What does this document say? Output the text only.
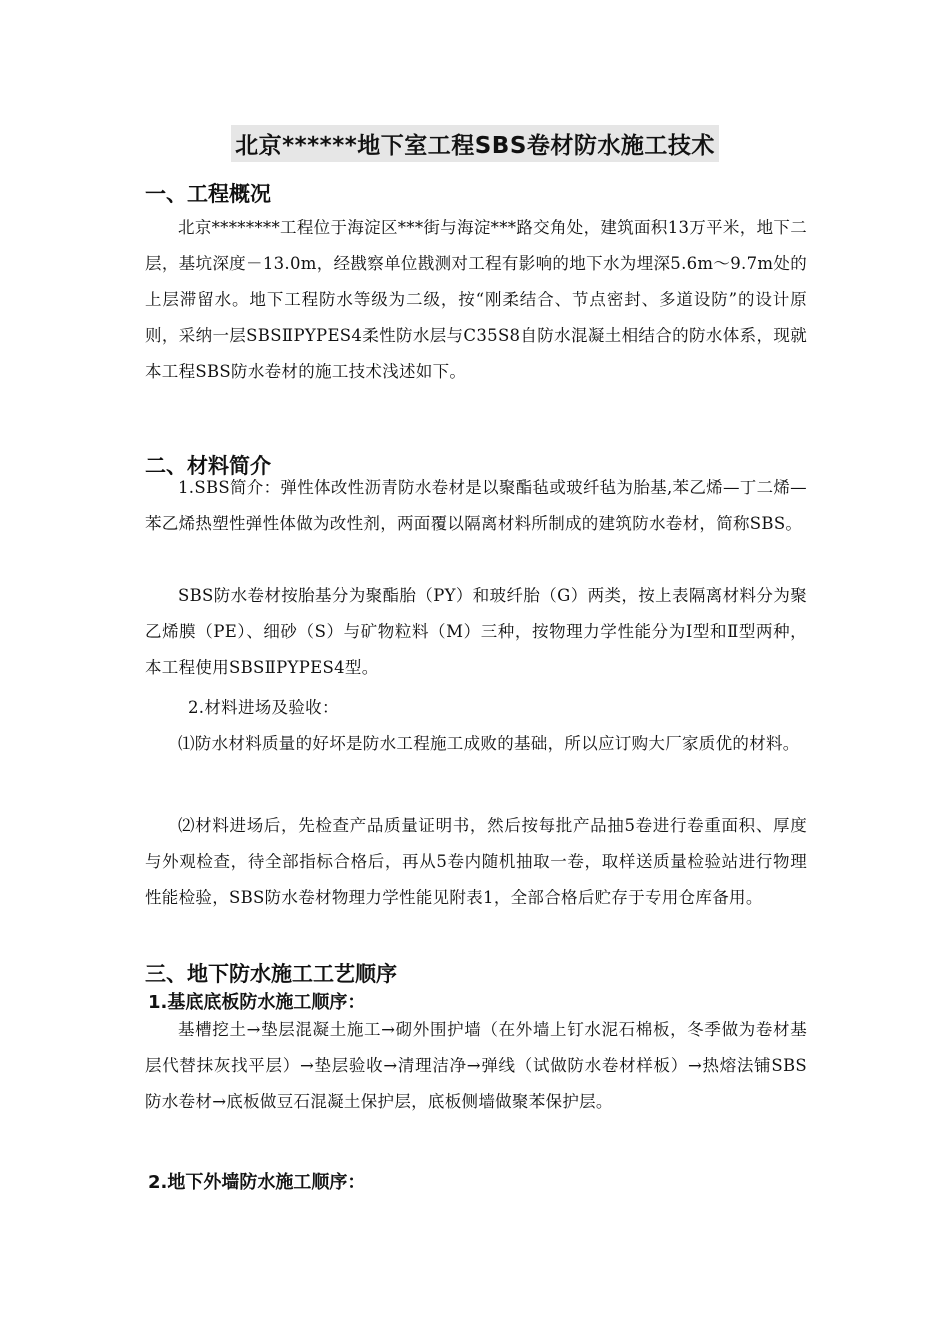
北京******地下室工程SBS卷材防水施工技术
一、工程概况
北京********工程位于海淀区***街与海淀***路交角处，建筑面积13万平米，地下二层，基坑深度－13.0m，经戡察单位戡测对工程有影响的地下水为埋深5.6m～9.7m处的上层滞留水。地下工程防水等级为二级，按“刚柔结合、节点密封、多道设防”的设计原则，采纳一层SBSⅡPYPES4柔性防水层与C35S8自防水混凝土相结合的防水体系，现就本工程SBS防水卷材的施工技术浅述如下。
二、材料简介
1.SBS简介：弹性体改性沥青防水卷材是以聚酯毡或玻纤毡为胎基,苯乙烯—丁二烯—苯乙烯热塑性弹性体做为改性剂，两面覆以隔离材料所制成的建筑防水卷材，简称SBS。
SBS防水卷材按胎基分为聚酯胎（PY）和玻纤胎（G）两类，按上表隔离材料分为聚乙烯膜（PE）、细砂（S）与矿物粒料（M）三种，按物理力学性能分为Ⅰ型和Ⅱ型两种，本工程使用SBSⅡPYPES4型。
2.材料进场及验收：
⑴防水材料质量的好坏是防水工程施工成败的基础，所以应订购大厂家质优的材料。
⑵材料进场后，先检查产品质量证明书，然后按每批产品抽5卷进行卷重面积、厚度与外观检查，待全部指标合格后，再从5卷内随机抽取一卷，取样送质量检验站进行物理性能检验，SBS防水卷材物理力学性能见附表1，全部合格后贮存于专用仓库备用。
三、地下防水施工工艺顺序
1.基底底板防水施工顺序：
基槽挖土→垫层混凝土施工→砌外围护墙（在外墙上钉水泥石棉板，冬季做为卷材基层代替抹灰找平层）→垫层验收→清理洁净→弹线（试做防水卷材样板）→热熔法铺SBS防水卷材→底板做豆石混凝土保护层，底板侧墙做聚苯保护层。
2.地下外墙防水施工顺序：
